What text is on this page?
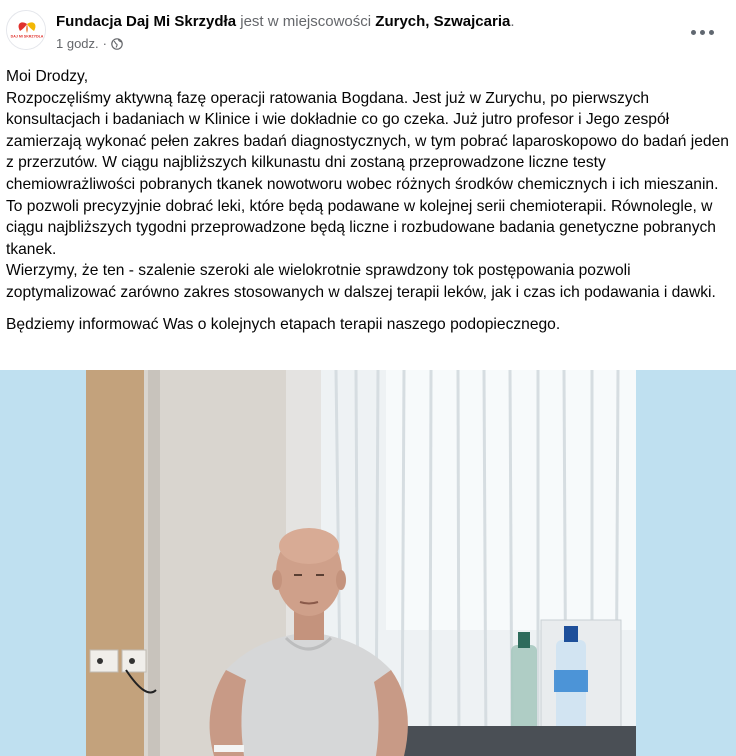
DAJ MI SKRZYDŁA
Fundacja Daj Mi Skrzydła jest w miejscowości Zurych, Szwajcaria.
1 godz. ·

Moi Drodzy,

Rozpoczęliśmy aktywną fazę operacji ratowania Bogdana. Jest już w Zurychu, po pierwszych konsultacjach i badaniach w Klinice i wie dokładnie co go czeka. Już jutro profesor i Jego zespół zamierzają wykonać pełen zakres badań diagnostycznych, w tym pobrać laparoskopowo do badań jeden z przerzutów. W ciągu najbliższych kilkunastu dni zostaną przeprowadzone liczne testy chemiowrażliwości pobranych tkanek nowotworu wobec różnych środków chemicznych i ich mieszanin. To pozwoli precyzyjnie dobrać leki, które będą podawane w kolejnej serii chemioterapii. Równolegle, w ciągu najbliższych tygodni przeprowadzone będą liczne i rozbudowane badania genetyczne pobranych tkanek.

Wierzymy, że ten - szalenie szeroki ale wielokrotnie sprawdzony tok postępowania pozwoli zoptymalizować zarówno zakres stosowanych w dalszej terapii leków, jak i czas ich podawania i dawki.

Będziemy informować Was o kolejnych etapach terapii naszego podopiecznego.
